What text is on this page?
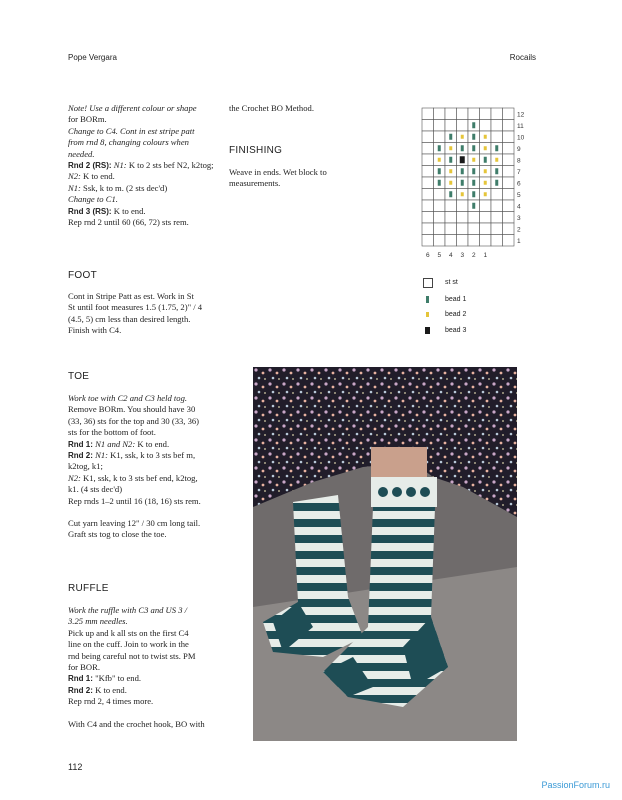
Pope Vergara	Rocails

Note! Use a different colour or shape

for BORm.

Change to C4. Cont in est stripe patt

from rnd 8, changing colours when

needed.

Rnd 2 (RS): N1: K to 2 sts bef N2, k2tog;

N2: K to end.

N1: Ssk, k to m. (2 sts dec'd)

Change to C1.

Rnd 3 (RS): K to end.

Rep rnd 2 until 60 (66, 72) sts rem.

the Crochet BO Method.

FINISHING

Weave in ends. Wet block to

measurements.

12
11
10
9
8
7
6
5
4
3
2
1
6 5 4 3 2 1
st st
bead 1
bead 2
bead 3
FOOT

Cont in Stripe Patt as est. Work in St

St until foot measures 1.5 (1.75, 2)" / 4

(4.5, 5) cm less than desired length.

Finish with C4.

TOE

Work toe with C2 and C3 held tog.

Remove BORm. You should have 30

(33, 36) sts for the top and 30 (33, 36)

sts for the bottom of foot.

Rnd 1: N1 and N2: K to end.

Rnd 2: N1: K1, ssk, k to 3 sts bef m,

k2tog, k1;

N2: K1, ssk, k to 3 sts bef end, k2tog,

k1. (4 sts dec'd)

Rep rnds 1–2 until 16 (18, 16) sts rem.

Cut yarn leaving 12" / 30 cm long tail.

Graft sts tog to close the toe.

RUFFLE

Work the ruffle with C3 and US 3 /

3.25 mm needles.

Pick up and k all sts on the first C4

line on the cuff. Join to work in the

rnd being careful not to twist sts. PM

for BOR.

Rnd 1: "Kfb" to end.

Rnd 2: K to end.

Rep rnd 2, 4 times more.

With C4 and the crochet hook, BO with

112
PassionForum.ru
